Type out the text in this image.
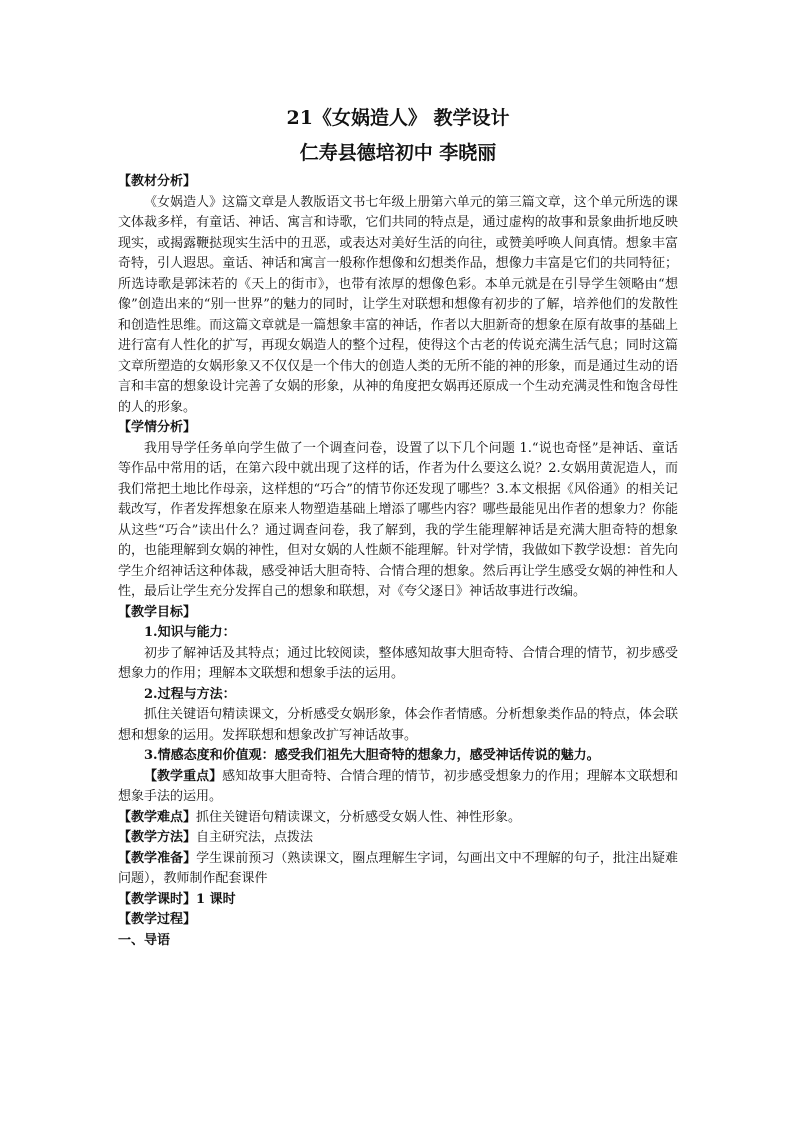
21《女娲造人》 教学设计
仁寿县德培初中 李晓丽

【教材分析】

《女娲造人》这篇文章是人教版语文书七年级上册第六单元的第三篇文章，这个单元所选的课文体裁多样，有童话、神话、寓言和诗歌，它们共同的特点是，通过虚构的故事和景象曲折地反映现实，或揭露鞭挞现实生活中的丑恶，或表达对美好生活的向往，或赞美呼唤人间真情。想象丰富奇特，引人遐思。童话、神话和寓言一般称作想像和幻想类作品，想像力丰富是它们的共同特征；所选诗歌是郭沫若的《天上的街市》，也带有浓厚的想像色彩。本单元就是在引导学生领略由“想像”创造出来的“别一世界”的魅力的同时，让学生对联想和想像有初步的了解，培养他们的发散性和创造性思维。而这篇文章就是一篇想象丰富的神话，作者以大胆新奇的想象在原有故事的基础上进行富有人性化的扩写，再现女娲造人的整个过程，使得这个古老的传说充满生活气息；同时这篇文章所塑造的女娲形象又不仅仅是一个伟大的创造人类的无所不能的神的形象，而是通过生动的语言和丰富的想象设计完善了女娲的形象，从神的角度把女娲再还原成一个生动充满灵性和饱含母性的人的形象。

【学情分析】

我用导学任务单向学生做了一个调查问卷，设置了以下几个问题 1.“说也奇怪”是神话、童话等作品中常用的话，在第六段中就出现了这样的话，作者为什么要这么说？2.女娲用黄泥造人，而我们常把土地比作母亲，这样想的“巧合”的情节你还发现了哪些？3.本文根据《风俗通》的相关记载改写，作者发挥想象在原来人物塑造基础上增添了哪些内容？哪些最能见出作者的想象力？你能从这些“巧合”读出什么？通过调查问卷，我了解到，我的学生能理解神话是充满大胆奇特的想象的，也能理解到女娲的神性，但对女娲的人性颇不能理解。针对学情，我做如下教学设想：首先向学生介绍神话这种体裁，感受神话大胆奇特、合情合理的想象。然后再让学生感受女娲的神性和人性，最后让学生充分发挥自己的想象和联想，对《夸父逐日》神话故事进行改编。

【教学目标】

1.知识与能力：

初步了解神话及其特点；通过比较阅读，整体感知故事大胆奇特、合情合理的情节，初步感受想象力的作用；理解本文联想和想象手法的运用。

2.过程与方法：

抓住关键语句精读课文，分析感受女娲形象，体会作者情感。分析想象类作品的特点，体会联想和想象的运用。发挥联想和想象改扩写神话故事。

3.情感态度和价值观：感受我们祖先大胆奇特的想象力，感受神话传说的魅力。

【教学重点】感知故事大胆奇特、合情合理的情节，初步感受想象力的作用；理解本文联想和想象手法的运用。

【教学难点】抓住关键语句精读课文，分析感受女娲人性、神性形象。

【教学方法】自主研究法，点拨法

【教学准备】学生课前预习（熟读课文，圈点理解生字词，勾画出文中不理解的句子，批注出疑难问题），教师制作配套课件

【教学课时】1 课时

【教学过程】

一、导语
